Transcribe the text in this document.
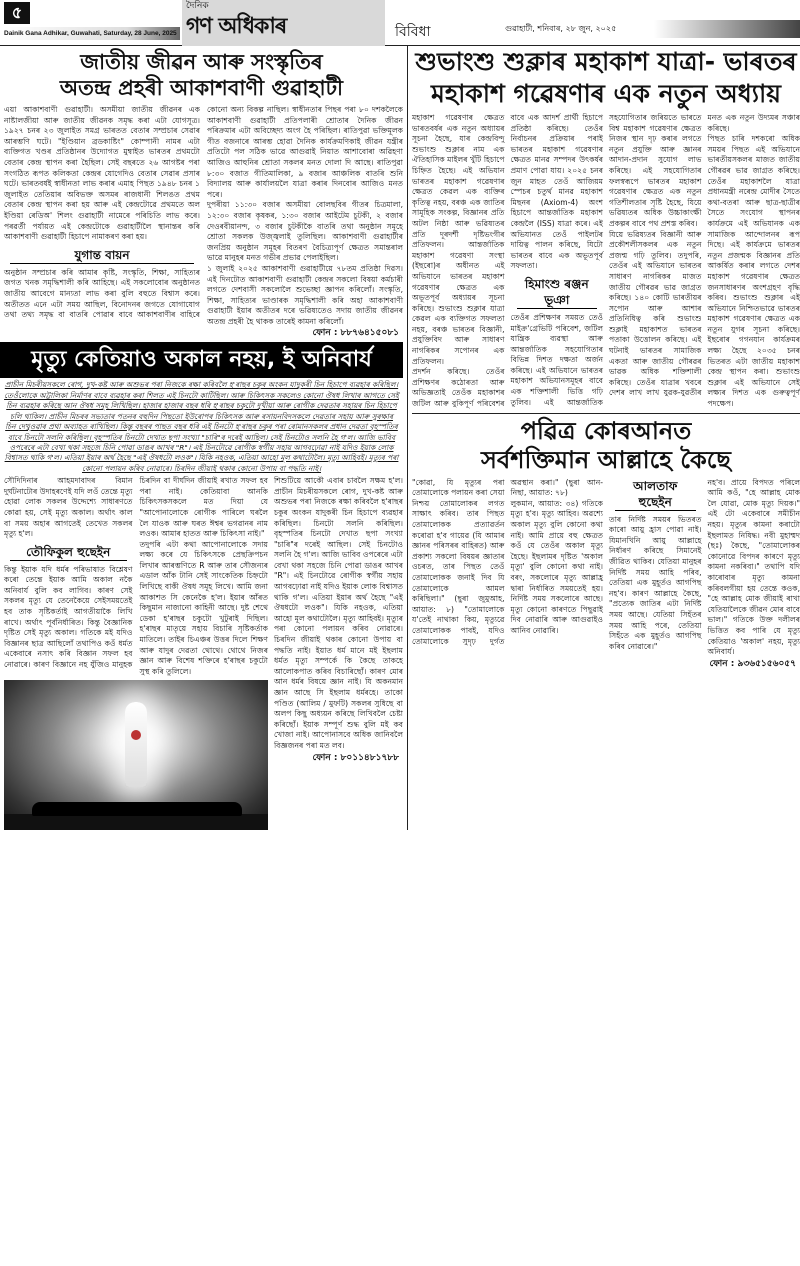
৫
Dainik Gana Adhikar, Guwahati, Saturday, 28 June, 2025
দৈনিক
গণ অধিকাৰ	বিবিধা	গুৱাহাটী, শনিবাৰ, ২৮ জুন, ২০২৫
জাতীয় জীৱন আৰু সংস্কৃতিৰ
অতন্দ্ৰ প্ৰহৰী আকাশবাণী গুৱাহাটী

এয়া আকাশবাণী গুৱাহাটী। অসমীয়া জাতীয় জীৱনৰ এক নাষ্টালজীয়া আৰু জাতীয় জীৱনক সমৃদ্ধ কৰা এটা যোগসূত্ৰ। ১৯২৭ চনৰ ২৩ জুলাইত সমগ্ৰ ভাৰতত বেতাৰ সম্প্ৰচাৰ সেৱাৰ আৰম্ভণি ঘটে। "ইণ্ডিয়ান ব্ৰডকাষ্টিং" কোম্পানী নামৰ এটা ব্যক্তিগত খণ্ডৰ প্ৰতিষ্ঠানৰ উদ্যোগত মুম্বাইত ভাৰতৰ প্ৰথমটো বেতাৰ কেন্দ্ৰ স্থাপন কৰা হৈছিল। সেই বছৰতে ২৬ আগষ্টৰ পৰা সংগঠিত ৰূপত কলিকতা কেন্দ্ৰৰ যোগেদিও বেতাৰ সেৱাৰ প্ৰসাৰ ঘটে। ভাৰতবৰ্ষই স্বাধীনতা লাভ কৰাৰ এমাহ পিছত ১৯৪৮ চনৰ ১ জুলাইত তেতিয়াৰ অবিভক্ত অসমৰ ৰাজধানী শিলঙত প্ৰথম বেতাৰ কেন্দ্ৰ স্থাপন কৰা হয় আৰু এই কেন্দ্ৰটোৱে প্ৰথমতে অল ইণ্ডিয়া ৰেডিঅ' শিলং গুৱাহাটী নামেৰে পৰিচিতি লাভ কৰে। পৰৱৰ্তী পৰ্যায়ত এই কেন্দ্ৰটোকে গুৱাহাটীলৈ স্থানান্তৰ কৰি আকাশবাণী গুৱাহাটী হিচাপে নামাকৰণ কৰা হয়।

যুগান্ত বায়ন

অনুষ্ঠান সম্প্ৰচাৰ কৰি আমাৰ কৃষ্টি, সংস্কৃতি, শিক্ষা, সাহিত্যৰ জগত খনক সমৃদ্ধিশালী কৰি আহিছে। এই সকলোবোৰ অনুষ্ঠানত জাতীয় আবেগে মান্যতা লাভ কৰা বুলি বহুতে বিশ্বাস কৰে। অতীতত এনে এটা সময় আছিল, বিনোদনৰ জগতে যোগাযোগ তথা তথ্য সমৃদ্ধ বা বাতৰি পোৱাৰ বাবে আকাশবাণীৰ বাহিৰে কোনো অন্য বিকল্প নাছিল। স্বাধীনতাৰ পিছৰ পৰা ৮০ দশকলৈকে আকাশবাণী গুৱাহাটী প্ৰতিপলাৰী শ্ৰোতাৰ দৈনিক জীৱন পৰিক্ৰমাৰ এটা অবিচ্ছেদ্য অংগ হৈ পৰিছিল। ৰাতিপুৱা ভক্তিমূলক গীত বজনাৰে আৰম্ভ হোৱা দৈনিক কাৰ্যক্ৰমণিকাই জীৱন যন্ত্ৰীৰ প্ৰতিটো পল সঠিক ভাৱে আগুৱাই নিয়াত আশাবোৰা অৱিহণা আজিও আহুনিৰ শ্ৰোতা সকলৰ মনত দোলা দি আছে। ৰাতিপুৱা ৮:৩০ বজাত গীতিমালিকা, ৯ বজাৰ আঞ্চলিক বাতৰি শুনি বিদ্যালয় আৰু কাৰ্যালয়লৈ যাত্ৰা কৰাৰ দিনবোৰ আজিও মনত পৰে।

দুপৰীয়া ১১:৩০ বজাৰ অসমীয়া বোলছবিৰ গীতৰ চিত্ৰমালা, ১২:৩০ বজাৰ কৃষকৰ, ১:৩০ বজাৰ আইটেম চুটকী, ২ বজাৰ দেওৰবীয়ানন্দ, ৩ বজাৰ চুটকীকৈ বাতৰি তথা অনুষ্ঠান সমূহে শ্ৰোতা সকলক উজ্জ্বলাই তুলিছিল। আকাশবাণী গুৱাহাটীৰ জনপ্ৰিয় অনুষ্ঠান সমূহৰ বিতৰণ বৈচিত্ৰ্যপূৰ্ণ ক্ষেত্ৰত সমান্তৰাল ভাৱে মানুহৰ মনত গভীৰ প্ৰভাৱ পেলাইছিল।

১ জুলাই ২০২৫ আকাশবাণী গুৱাহাটীয়ে ৭৮তম প্ৰতিষ্ঠা দিৱস। এই দিনটোত আকাশবাণী গুৱাহাটী কেন্দ্ৰৰ সকলো বিষয়া কৰ্মচাৰী লগতে দেশবাসী সকলোলৈ শুভেচ্ছা জ্ঞাপন কৰিলোঁ। সংস্কৃতি, শিক্ষা, সাহিত্যৰ ভাণ্ডাৰক সমৃদ্ধিশালী কৰি অহা আকাশবাণী গুৱাহাটী ইয়াৰ অতীতৰ দৰে ভৱিষ্যতেও সদায় জাতীয় জীৱনৰ অতন্দ্ৰ প্ৰহৰী হৈ থাকক তাৰেই কামনা কৰিলোঁ।

ফোন : ৮৮৭৬৪১৫০৮১
মৃত্যু কেতিয়াও অকাল নহয়, ই অনিবাৰ্য
প্ৰাচীন মিচৰীয়সকলে ৰোগ, দুখ-কষ্ট আৰু অশুভৰ পৰা নিজকে ৰক্ষা কৰিবলৈ হ'ৰাছৰ চকুৰ অংকন যাদুকৰী চিন হিচাপে ব্যৱহাৰ কৰিছিল। তেওঁলোকে অট্টালিকা নিৰ্মাণৰ বাবে ব্যৱহাৰ কৰা শিলত এই চিনটো কাটিছিল। আৰু চিকিৎসক সকলেও কোনো ঔষধ লিখাৰ আগতে সেই চিন ব্যৱহাৰ কৰিছে আন ঔষধ সমূহ লিখিছিল। হাজাৰ হাজাৰ বছৰ ধৰি হ'ৰাছৰ চকুটো দুখীয়া আৰু ৰোগীক দেৱতাৰ সহায়ৰ চিন হিচাপে চলি থাকিল। প্ৰাচীন মিচৰৰ সভ্যতাৰ পতনৰ বহুদিন পিছতো ইউৰোপৰ চিকিৎসক আৰু ৰসায়নবিদসকলে দেৱতাৰ সহায় আৰু সুৰক্ষাৰ চিন দেখুওৱাৰ প্ৰথা অব্যাহত ৰাখিছিল। কিন্তু বছৰৰ পাছত বছৰ ধৰি এই চিনটো হ'ৰাছৰ চকুৰ পৰা ৰোমানসকলৰ প্ৰধান দেৱতা বৃহস্পতিৰ বাবে চিনটো সলনি কৰিছিল। বৃহস্পতিৰ চিনটো দেখাত ছপা সংখ্যা "চাৰি"ৰ দৰেই আছিল। সেই চিনটোও সলনি হৈ গ'ল। আজি ভাবিব ওপৰেৰে এটা বেখা থকা সহজে চিনি পোৱা ডাঙৰ আখৰ "R"। এই চিনটোৱে ৰোগীক স্বৰ্গীয় সহায় আগবঢ়োৱা নাই যদিও ইয়াক লোক বিশ্বাসত থাকি গ'ল। এতিয়া ইয়াৰ অৰ্থ হৈছে "এই ঔষধটো লওক"। যিকি নহওক, এতিয়া আহো মূল কথাটোলৈ। মৃত্যু আহিবই। মৃত্যুৰ পৰা কোনো পলায়ন কৰিব নোৱাৰে। চিৰদিন জীয়াই থকাৰ কোনো উপায় বা পদ্ধতি নাই।

সৌদিদিনাৰ আহমদাবাদৰ বিমান দুৰ্ঘটনাটোৰ উদাহৰণেই যদি লওঁ তেন্তে মৃত্যু হোৱা লোক সকলৰ উদ্দেশ্যে সাধাৰণতে কোৱা হয়, সেই মৃত্যু অকাল। অৰ্থাৎ কাল বা সময় অহাৰ আগতেই তেখেত সকলৰ মৃত্যু হ'ল।

তৌফিকুল হুছেইন

কিন্তু ইয়াক যদি ধৰ্মৰ পৰিভাষাত বিশ্লেষণ কৰো তেন্তে ইয়াক আমি অকাল নকৈ অনিবাৰ্য বুলি কব লাগিব। কাৰণ সেই সকলৰ মৃত্যু যে তেনেকৈয়ে সেইসময়তেই হব তাক সৃষ্টিকৰ্তাই আগতীয়াকৈ লিখি ৰাখে। অৰ্থাৎ পূৰ্বনিৰ্ধাৰিত। কিন্তু বৈজ্ঞানিক দৃষ্টিত সেই মৃত্যু অকাল। গতিকে মই যদিও বিজ্ঞানৰ ছাত্ৰ আছিলোঁ তথাপিও কওঁ ধৰ্মত একেবাৰে নসাৎ কৰি বিজ্ঞান সফল হব নোৱাৰে। কাৰণ বিজ্ঞানে নহ যুঁজিও মানুহক চিৰদিন বা দীৰ্ঘদিন জীয়াই ৰখাত সফল হব পৰা নাই। কেতিয়াবা আনকি চিকিৎসকসকলে মত দিয়া যে "আপোনালোকে ৰোগীক পাৰিলে ঘৰলৈ লৈ যাওক আৰু ঘৰত ঈশ্বৰ ভগৱানৰ নাম লওক। আমাৰ হাতত আৰু চিকিৎসা নাই।"

তদুপৰি এটা কথা আপোনালোকে সদায় লক্ষ্য কৰে যে চিকিৎসকে প্ৰেছক্ৰিপচন লিখাৰ আৰম্ভণিতে R আৰু তাৰ সৌজন্যৰ এডাল আঁক টানি সেই সাংকেতিক চিহ্নটো লিখিছে বাকী ঔষধ সমূহ লিখে। আমি জনা আকাশত সি কেনেকৈ হ'ল। ইয়াৰ আঁৰত কিছুমান নাজানো কাহিনী আছে। দুষ্ট শেথে ডেকা হ'ৰাছৰ চকুটো খুটুৰাই দিছিল। হ'ৰাছৰ মাতৃয়ে সহায় বিচাৰি সৃষ্টিকৰ্তাক মাতিলে। তাইৰ চিএঞ্চৰ উত্তৰ দিলে শিক্ষণ আৰু যাদুৰ দেৱতা থোথে। থোথে নিজৰ জ্ঞান আৰু বিশেষ শক্তিৰে হ'ৰাছৰ চকুটো সুস্থ কৰি তুলিলে।

শিশুটিয়ে আকৌ এবাৰ চাবলৈ সক্ষম হ'ল। প্ৰাচীন মিচৰীয়সকলে ৰোগ, দুখ-কষ্ট আৰু অশুভৰ পৰা নিজকে ৰক্ষা কৰিবলৈ হ'ৰাছৰ চকুৰ অংকন যাদুকৰী চিন হিচাপে ব্যৱহাৰ কৰিছিল। চিনটো সলনি কৰিছিল। বৃহস্পতিৰ চিনটো দেখাত ছপা সংখ্যা "চাৰি"ৰ দৰেই আছিল। সেই চিনটোও সলনি হৈ গ'ল। আজি ভাবিব ওপৰেৰে এটা বেখা থকা সহজে চিনি পোৱা ডাঙৰ আখৰ "R"। এই চিনটোৱে ৰোগীক স্বৰ্গীয় সহায় আগবঢ়োৱা নাই যদিও ইয়াক লোক বিশ্বাসত থাকি গ'ল। এতিয়া ইয়াৰ অৰ্থ হৈছে "এই ঔষধটো লওক"। যিকি নহওক, এতিয়া আহো মূল কথাটোলৈ। মৃত্যু আহিবই। মৃত্যুৰ পৰা কোনো পলায়ন কৰিব নোৱাৰে। চিৰদিন জীয়াই থকাৰ কোনো উপায় বা পদ্ধতি নাই। ইয়াত ধৰ্ম মানে মই ইছলাম ধৰ্মত মৃত্যু সম্পৰ্কে কি কৈছে তাকহে আলোকপাত কৰিব বিচাৰিছোঁ। কাৰণ মোৰ আন ধৰ্মৰ বিষয়ে জ্ঞান নাই। যি অকনমান জ্ঞান আছে সি ইছলাম ধৰ্মৰহে। তাকো পণ্ডিত (আলিম / মুফটি) সকলৰ সুধিছে বা অলপ কিছু অধ্যয়ন কৰিছে লিখিবলৈ চেষ্টা কৰিছোঁ। ইয়াক সম্পূৰ্ণ শুদ্ধ বুলি মই কব খোজা নাই। আপোনাসবে অধিক জানিবলৈ বিজ্ঞজনৰ পৰা মত লব।

ফোন : ৮০১১৪৮১৭৮৮
শুভাংশু শুক্লাৰ মহাকাশ যাত্ৰা- ভাৰতৰ
মহাকাশ গৱেষণাৰ এক নতুন অধ্যায়

মহাকাশ গৱেষণাৰ ক্ষেত্ৰত ভাৰতবৰ্ষৰ এক নতুন অধ্যায়ৰ সূচনা হৈছে, যাৰ কেন্দ্ৰবিন্দু শুভাংশু শুক্লাৰ নাম এক ঐতিহাসিক মাইলৰ খুঁটি হিচাপে চিহ্নিত হৈছে। এই অভিযান ভাৰতৰ মহাকাশ গৱেষণাৰ ক্ষেত্ৰত কেৱল এক ব্যক্তিৰ কৃতিত্ব নহয়, বৰঞ্চ এক জাতিৰ সামূহিক সংকল্প, বিজ্ঞানৰ প্ৰতি অটল নিষ্ঠা আৰু ভৱিষ্যতৰ প্ৰতি দূৰদৰ্শী দৃষ্টিভংগীৰ প্ৰতিফলন। আন্তৰ্জাতিক মহাকাশ গৱেষণা সংস্থা (ইছৰো)ৰ অধীনত এই অভিযানে ভাৰতৰ মহাকাশ গৱেষণাৰ ক্ষেত্ৰত এক অভূতপূৰ্ব অধ্যায়ৰ সূচনা কৰিছে। শুভাংশু শুক্লাৰ যাত্ৰা কেৱল এক ব্যক্তিগত সফলতা নহয়, বৰঞ্চ ভাৰতৰ বিজ্ঞানী, প্ৰযুক্তিবিদ আৰু সাধাৰণ নাগৰিকৰ সপোনৰ এক প্ৰতিফলন।

প্ৰদৰ্শন কৰিছে। তেওঁৰ প্ৰশিক্ষণৰ কঠোৰতা আৰু অভিজ্ঞতাই তেওঁক মহাকাশৰ জটিল আৰু বুকিপূৰ্ণ পৰিবেশৰ বাবে এক আদৰ্শ প্ৰাৰ্থী হিচাপে প্ৰতিষ্ঠা কৰিছে। তেওঁৰ নিৰ্বাচনৰ প্ৰক্ৰিয়াৰ পৰাই ভাৰতৰ মহাকাশ গৱেষণাৰ ক্ষেত্ৰত মানৱ সম্পদৰ উৎকৰ্ষৰ প্ৰমাণ পোৱা যায়। ২০২৫ চনৰ জুন মাহত তেওঁ আজিয়ম স্পেচৰ চতুৰ্থ মানৱ মহাকাশ মিছনৰ (Axiom-4) অংশ হিচাপে আন্তৰ্জাতিক মহাকাশ কেন্দ্ৰলৈ (ISS) যাত্ৰা কৰে। এই অভিযানত তেওঁ পাইলটৰ দায়িত্ব পালন কৰিছে, যিটো ভাৰতৰ বাবে এক অভূতপূৰ্ব সফলতা।

হিমাংশু ৰঞ্জন ভূঞা

তেওঁৰ প্ৰশিক্ষণৰ সময়ত তেওঁ মাইক্ৰ'গ্ৰেভিটি পৰিবেশ, জটিল যান্ত্ৰিক ব্যৱস্থা আৰু আন্তৰ্জাতিক সহযোগিতাৰ বিভিন্ন দিশত দক্ষতা অৰ্জন কৰিছে। এই অভিযানে ভাৰতৰ মহাকাশ অভিযানসমূহৰ বাবে এক শক্তিশালী ভিত্তি গঢ়ি তুলিব। এই আন্তৰ্জাতিক সহযোগিতাৰ জৰিয়তে ভাৰতে বিশ্ব মহাকাশ গৱেষণাৰ ক্ষেত্ৰত নিজৰ স্থান দৃঢ় কৰাৰ লগতে নতুন প্ৰযুক্তি আৰু জ্ঞানৰ আদান-প্ৰদান সুযোগ লাভ কৰিছে। এই সহযোগিতাৰ ফলস্বৰূপে ভাৰতৰ মহাকাশ গৱেষণাৰ ক্ষেত্ৰত এক নতুন গতিশীলতাৰ সৃষ্টি হৈছে, যিয়ে ভৱিষ্যতৰ অধিক উচ্চাকাংক্ষী প্ৰকল্পৰ বাবে পথ প্ৰশস্ত কৰিব।

যিয়ে ভৱিষ্যতৰ বিজ্ঞানী আৰু প্ৰকৌশলীসকলৰ এক নতুন প্ৰজন্ম গঢ়ি তুলিব। তদুপৰি, তেওঁৰ এই অভিযানে ভাৰতৰ সাধাৰণ নাগৰিকৰ মাজত জাতীয় গৌৰৱৰ ভাৱ জাগ্ৰত কৰিছে। ১৪০ কোটি ভাৰতীয়ৰ সপোন আৰু আশাৰ প্ৰতিনিধিত্ব কৰি শুভাংশু শুক্লাই মহাকাশত ভাৰতৰ পতাকা উত্তোলন কৰিছে। এই ঘটনাই ভাৰতৰ সামাজিক একতা আৰু জাতীয় গৌৰৱৰ ভাৱক অধিক শক্তিশালী কৰিছে। তেওঁৰ যাত্ৰাৰ খবৰে দেশৰ লাখ লাখ যুৱক-যুৱতীৰ মনত এক নতুন উদ্যমৰ সঞ্চাৰ কৰিছে।

পিছত চাৰি দশকৰো অধিক সময়ৰ পিছত এই অভিযানে ভাৰতীয়সকলৰ মাজত জাতীয় গৌৰৱৰ ভাৱ জাগ্ৰত কৰিছে। তেওঁৰ মহাকাশলৈ যাত্ৰা প্ৰধানমন্ত্ৰী নৰেন্দ্ৰ মোদীৰ সৈতে কথা-বতৰা আৰু ছাত্ৰ-ছাত্ৰীৰ সৈতে সংযোগ স্থাপনৰ কাৰ্যক্ৰমে এই অভিযানক এক সামাজিক আন্দোলনৰ ৰূপ দিছে। এই কাৰ্যক্ৰমে ভাৰতৰ নতুন প্ৰজন্মক বিজ্ঞানৰ প্ৰতি আকৰ্ষিত কৰাৰ লগতে দেশৰ মহাকাশ গৱেষণাৰ ক্ষেত্ৰত জনসাধাৰণৰ অংশগ্ৰহণ বৃদ্ধি কৰিব। শুভাংশু শুক্লাৰ এই অভিযানে নিশ্চিতভাৱে ভাৰতৰ মহাকাশ গৱেষণাৰ ক্ষেত্ৰত এক নতুন যুগৰ সূচনা কৰিছে। ইছৰোৰ গগনযান কাৰ্যক্ৰমৰ লক্ষ্য হৈছে ২০৩৫ চনৰ ভিতৰত এটা জাতীয় মহাকাশ কেন্দ্ৰ স্থাপন কৰা। শুভাংশু শুক্লাৰ এই অভিযানে সেই লক্ষ্যৰ দিশত এক গুৰুত্বপূৰ্ণ পদক্ষেপ।

পৱিত্ৰ কোৰআনত
সৰ্বশক্তিমান আল্লাহে কৈছে

"কোৱা, যি মৃত্যুৰ পৰা তোমালোকে পলায়ন কৰা সেয়া নিশ্চয় তোমালোকৰ লগত সাক্ষাৎ কৰিব। তাৰ পিছত তোমালোকক প্ৰত্যাৱৰ্তন কৰোৱা হ'ব গায়েৱ (যি আমাৰ জ্ঞানৰ পৰিসৰৰ বাহিৰত) আৰু প্ৰকাশ্য সকলো বিষয়ৰ জ্ঞাতাৰ ওচৰত, তাৰ পিছত তেওঁ তোমালোকক জনাই দিব যি তোমালোকে আমল কৰিছিলা।" (ছুৰা জুমুআহ, আয়াত: ৮) "তোমালোকে য'তেই নাথাকা কিয়, মৃত্যুৱে তোমালোকক পাবই, যদিও তোমালোকে সুদৃঢ় দুৰ্গত অৱস্থান কৰা।" (ছুৰা আন-নিছা, আয়াত: ৭৮)

লুকমান, আয়াত: ৩৪) গতিকে মৃত্যু হ'ব। মৃত্যু আহিব। অৱশ্যে অকাল মৃত্যু বুলি কোনো কথা নাই। আমি প্ৰায়ে বহু ক্ষেত্ৰত কওঁ যে তেওঁৰ অকাল মৃত্যু হৈছে। ইছলামৰ দৃষ্টিত 'অকাল মৃত্যু' বুলি কোনো কথা নাই। বৰং, সকলোৰে মৃত্যু আল্লাহ্ৰ দ্বাৰা নিৰ্ধাৰিত সময়তেই হয়। নিৰ্দিষ্ট সময় সকলোৰে আছে। মৃত্যু কোনো কাৰণতে পিছুৱাই দিব নোৱাৰি আৰু আগুৱাইও আনিব নোৱাৰি।

আলতাফ হুছেইন

তাৰ নিৰ্দিষ্ট সময়ৰ ভিতৰত কাৰো আয়ু হ্ৰাস পোৱা নাই। যিমানখিনি আয়ু আল্লাহে নিৰ্ধাৰণ কৰিছে সিমানেই জীৱিত থাকিব। যেতিয়া মানুহৰ নিৰ্দিষ্ট সময় আহি পৰিব, তেতিয়া এক মুহূৰ্তও আগপিছ নহ'ব। কাৰণ আল্লাহে কৈছে, "প্ৰত্যেক জাতিৰ এটা নিৰ্দিষ্ট সময় আছে। যেতিয়া সিহঁতৰ সময় আহি পৰে, তেতিয়া সিহঁতে এক মুহূৰ্তও আগপিছ কৰিব নোৱাৰে।"

নহ'ব। প্ৰায়ে বিপদত পৰিলে আমি কওঁ, "হে আল্লাহ মোক লৈ যোৱা, মোক মৃত্যু দিয়ক।" এই টো একেবাৰে সমীচীন নহয়। মৃত্যুৰ কামনা কৰাটো ইছলামত নিষিদ্ধ। নবী মুহাম্মদ (ছঃ) কৈছে, "তোমালোকৰ কোনোৱে বিপদৰ কাৰণে মৃত্যু কামনা নকৰিবা।" তথাপি যদি কাৰোবাৰ মৃত্যু কামনা কৰিবলগীয়া হয় তেন্তে কওক, "হে আল্লাহ মোক জীয়াই ৰাখা যেতিয়ালৈকে জীৱন মোৰ বাবে ভাল।" গতিকে উক্ত দলীলৰ ভিত্তিত কব পাৰি যে মৃত্যু কেতিয়াও 'অকাল' নহয়, মৃত্যু অনিবাৰ্য।

ফোন : ৯৩৬৫১৫৬০৫৭
